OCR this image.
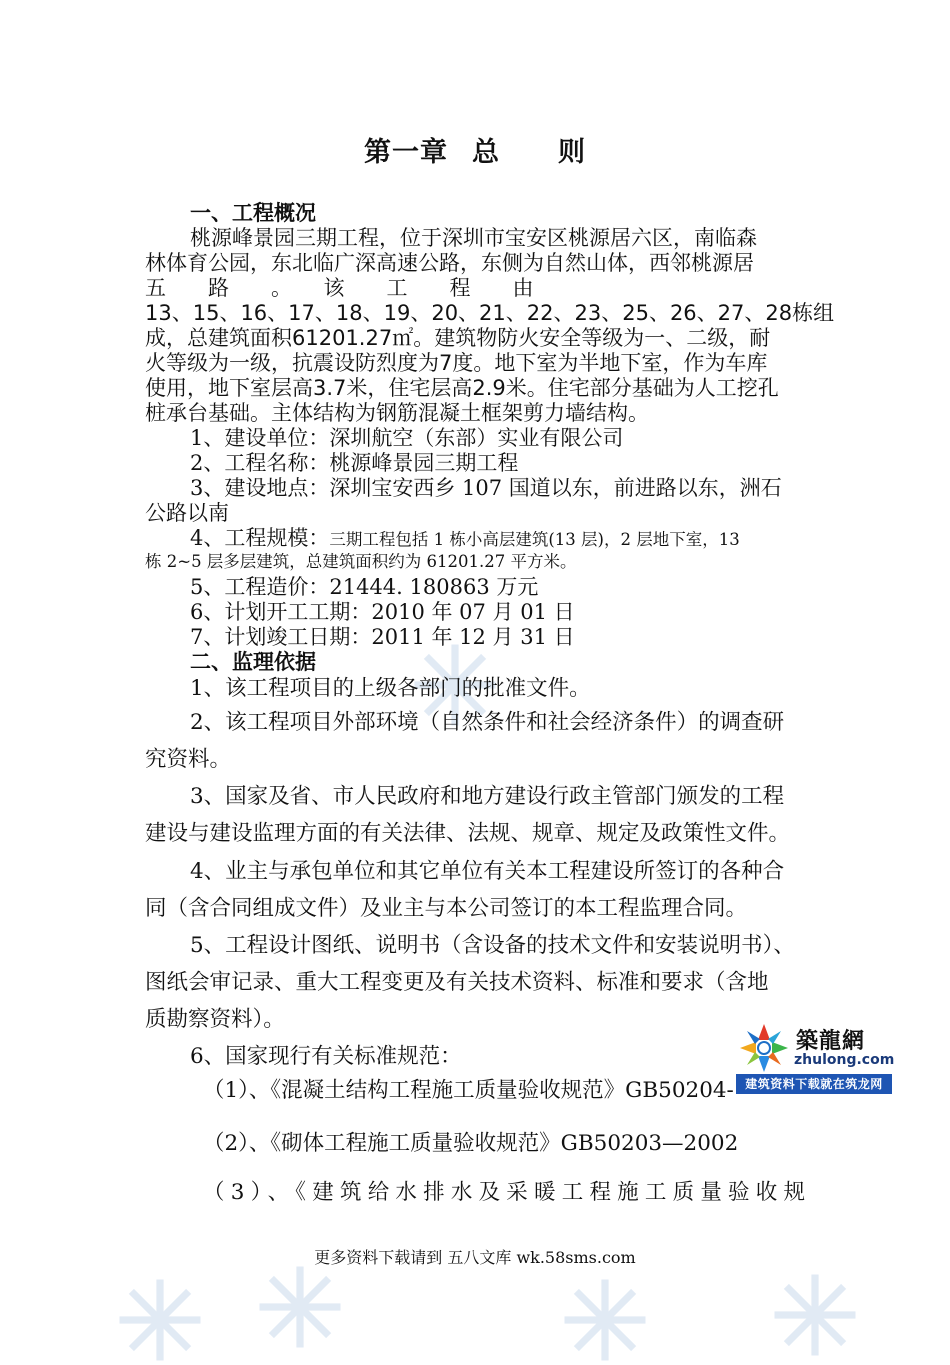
第一章 总 则
一、工程概况
桃源峰景园三期工程，位于深圳市宝安区桃源居六区，南临森
林体育公园，东北临广深高速公路，东侧为自然山体，西邻桃源居
五　　路　　。　　该　　工　　程　　由
13、15、16、17、18、19、20、21、22、23、25、26、27、28栋组
成，总建筑面积61201.27㎡。建筑物防火安全等级为一、二级，耐
火等级为一级，抗震设防烈度为7度。地下室为半地下室，作为车库
使用，地下室层高3.7米，住宅层高2.9米。住宅部分基础为人工挖孔
桩承台基础。主体结构为钢筋混凝土框架剪力墙结构。
1、建设单位：深圳航空（东部）实业有限公司
2、工程名称：桃源峰景园三期工程
3、建设地点：深圳宝安西乡 107 国道以东，前进路以东，洲石
公路以南
4、工程规模：三期工程包括 1 栋小高层建筑(13 层)，2 层地下室，13
栋 2~5 层多层建筑，总建筑面积约为 61201.27 平方米。
5、工程造价：21444. 180863 万元
6、计划开工工期：2010 年 07 月 01 日
7、计划竣工日期：2011 年 12 月 31 日
二、监理依据
1、该工程项目的上级各部门的批准文件。
2、该工程项目外部环境（自然条件和社会经济条件）的调查研
究资料。
3、国家及省、市人民政府和地方建设行政主管部门颁发的工程
建设与建设监理方面的有关法律、法规、规章、规定及政策性文件。
4、业主与承包单位和其它单位有关本工程建设所签订的各种合
同（含合同组成文件）及业主与本公司签订的本工程监理合同。
5、工程设计图纸、说明书（含设备的技术文件和安装说明书）、
图纸会审记录、重大工程变更及有关技术资料、标准和要求（含地
质勘察资料）。
6、国家现行有关标准规范：
（1）、《混凝土结构工程施工质量验收规范》GB50204-
（2）、《砌体工程施工质量验收规范》GB50203—2002
（3）、《建筑给水排水及采暖工程施工质量验收规
築龍網
zhulong.com
建筑资料下载就在筑龙网
更多资料下载请到 五八文库 wk.58sms.com
